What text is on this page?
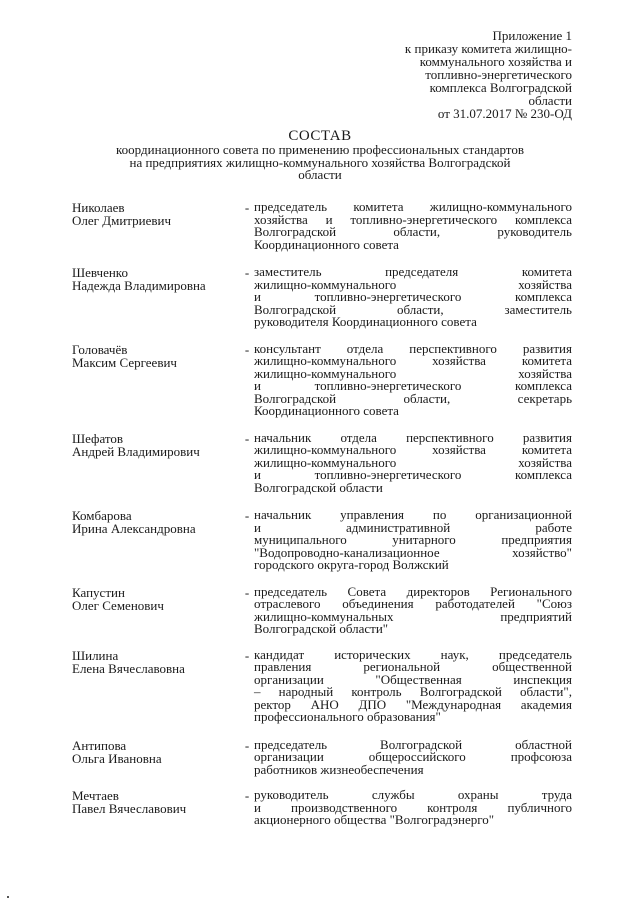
Приложение 1
к приказу комитета жилищно-
коммунального хозяйства и
топливно-энергетического
комплекса Волгоградской
области
от 31.07.2017 № 230-ОД
СОСТАВ
координационного совета по применению профессиональных стандартов
на предприятиях жилищно-коммунального хозяйства Волгоградской
области
Николаев
Олег Дмитриевич
- председатель комитета жилищно-коммунального
хозяйства и топливно-энергетического комплекса
Волгоградской	области,	руководитель
Координационного совета
Шевченко
Надежда Владимировна
- заместитель	председателя	комитета
жилищно-коммунального	хозяйства
и	топливно-энергетического	комплекса
Волгоградской	области,	заместитель
руководителя Координационного совета
Головачёв
Максим Сергеевич
- консультант отдела перспективного развития
жилищно-коммунального	хозяйства	комитета
жилищно-коммунального	хозяйства
и	топливно-энергетического	комплекса
Волгоградской	области,	секретарь
Координационного совета
Шефатов
Андрей Владимирович
- начальник отдела перспективного развития
жилищно-коммунального	хозяйства	комитета
жилищно-коммунального	хозяйства
и	топливно-энергетического	комплекса
Волгоградской области
Комбарова
Ирина Александровна
- начальник управления по организационной
и	административной	работе
муниципального	унитарного	предприятия
"Водопроводно-канализационное	хозяйство"
городского округа-город Волжский
Капустин
Олег Семенович
- председатель Совета директоров Регионального
отраслевого объединения работодателей "Союз
жилищно-коммунальных	предприятий
Волгоградской области"
Шилина
Елена Вячеславовна
- кандидат исторических наук, председатель
правления	региональной	общественной
организации	"Общественная	инспекция
– народный контроль Волгоградской области",
ректор АНО ДПО "Международная академия
профессионального образования"
Антипова
Ольга Ивановна
- председатель	Волгоградской	областной
организации	общероссийского	профсоюза
работников жизнеобеспечения
Мечтаев
Павел Вячеславович
- руководитель	службы	охраны	труда
и производственного контроля публичного
акционерного общества "Волгоградэнерго"
